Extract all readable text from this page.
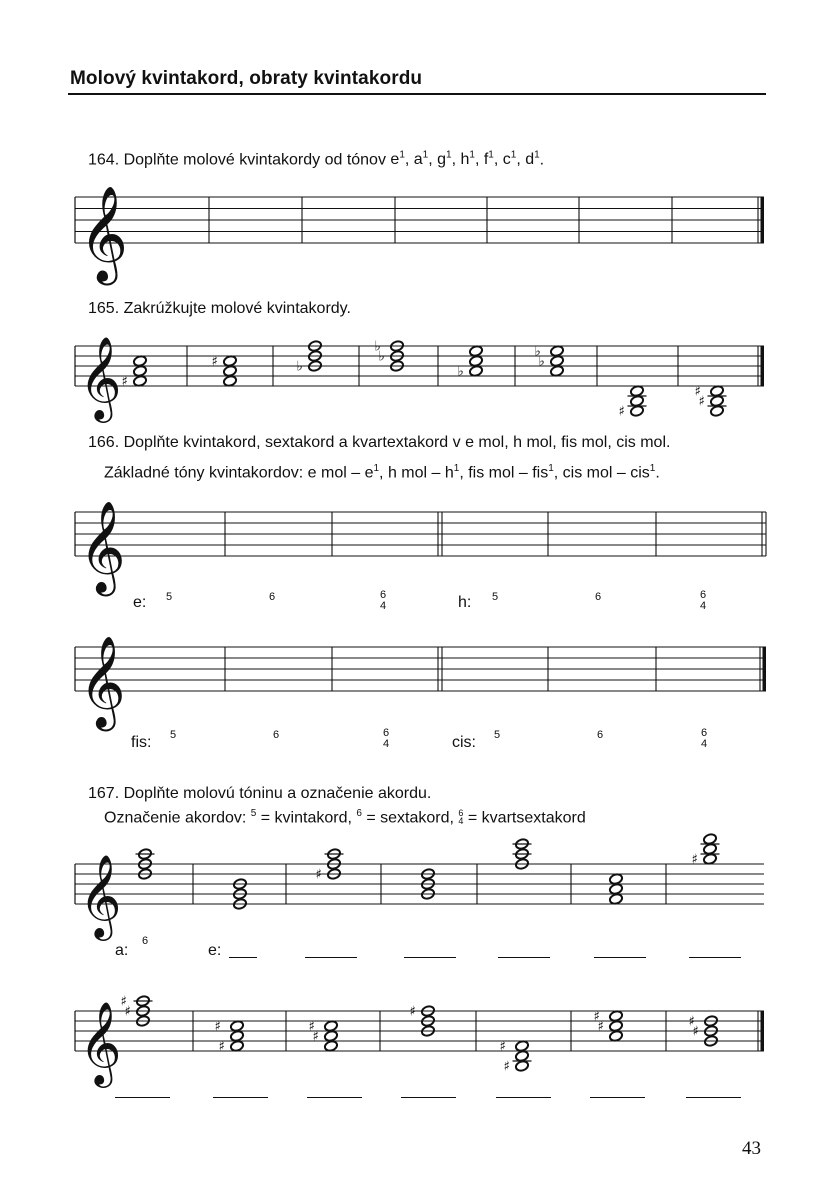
Molový kvintakord, obraty kvintakordu
164. Doplňte molové kvintakordy od tónov $e^1$, $a^1$, $g^1$, $h^1$, $f^1$, $c^1$, $d^1$.
165. Zakrúžkujte molové kvintakordy.
166. Doplňte kvintakord, sextakord a kvartextakord v e mol, h mol, fis mol, cis mol.
Základné tóny kvintakordov: e mol – $e^1$, h mol – $h^1$, fis mol – fis$^1$, cis mol – cis$^1$.
e:	5	6	6
4	h:	5	6	6
4
fis:	5	6	6
4	cis:	5	6	6
4
167. Doplňte molovú tóninu a označenie akordu.
Označenie akordov: $^5$ = kvintakord, $^6$ = sextakord, 6
4 = kvartsextakord
a:
6
e:
43
𝄞
𝄞 ♯
♯	♭
♭
♭
♭
♭
♭
♯
♯
♯
𝄞
𝄞
𝄞	♯
♯
𝄞 ♯
♯
♯
♯
♯
♯
♯
♯
♯
♯
♯
♯
♯
